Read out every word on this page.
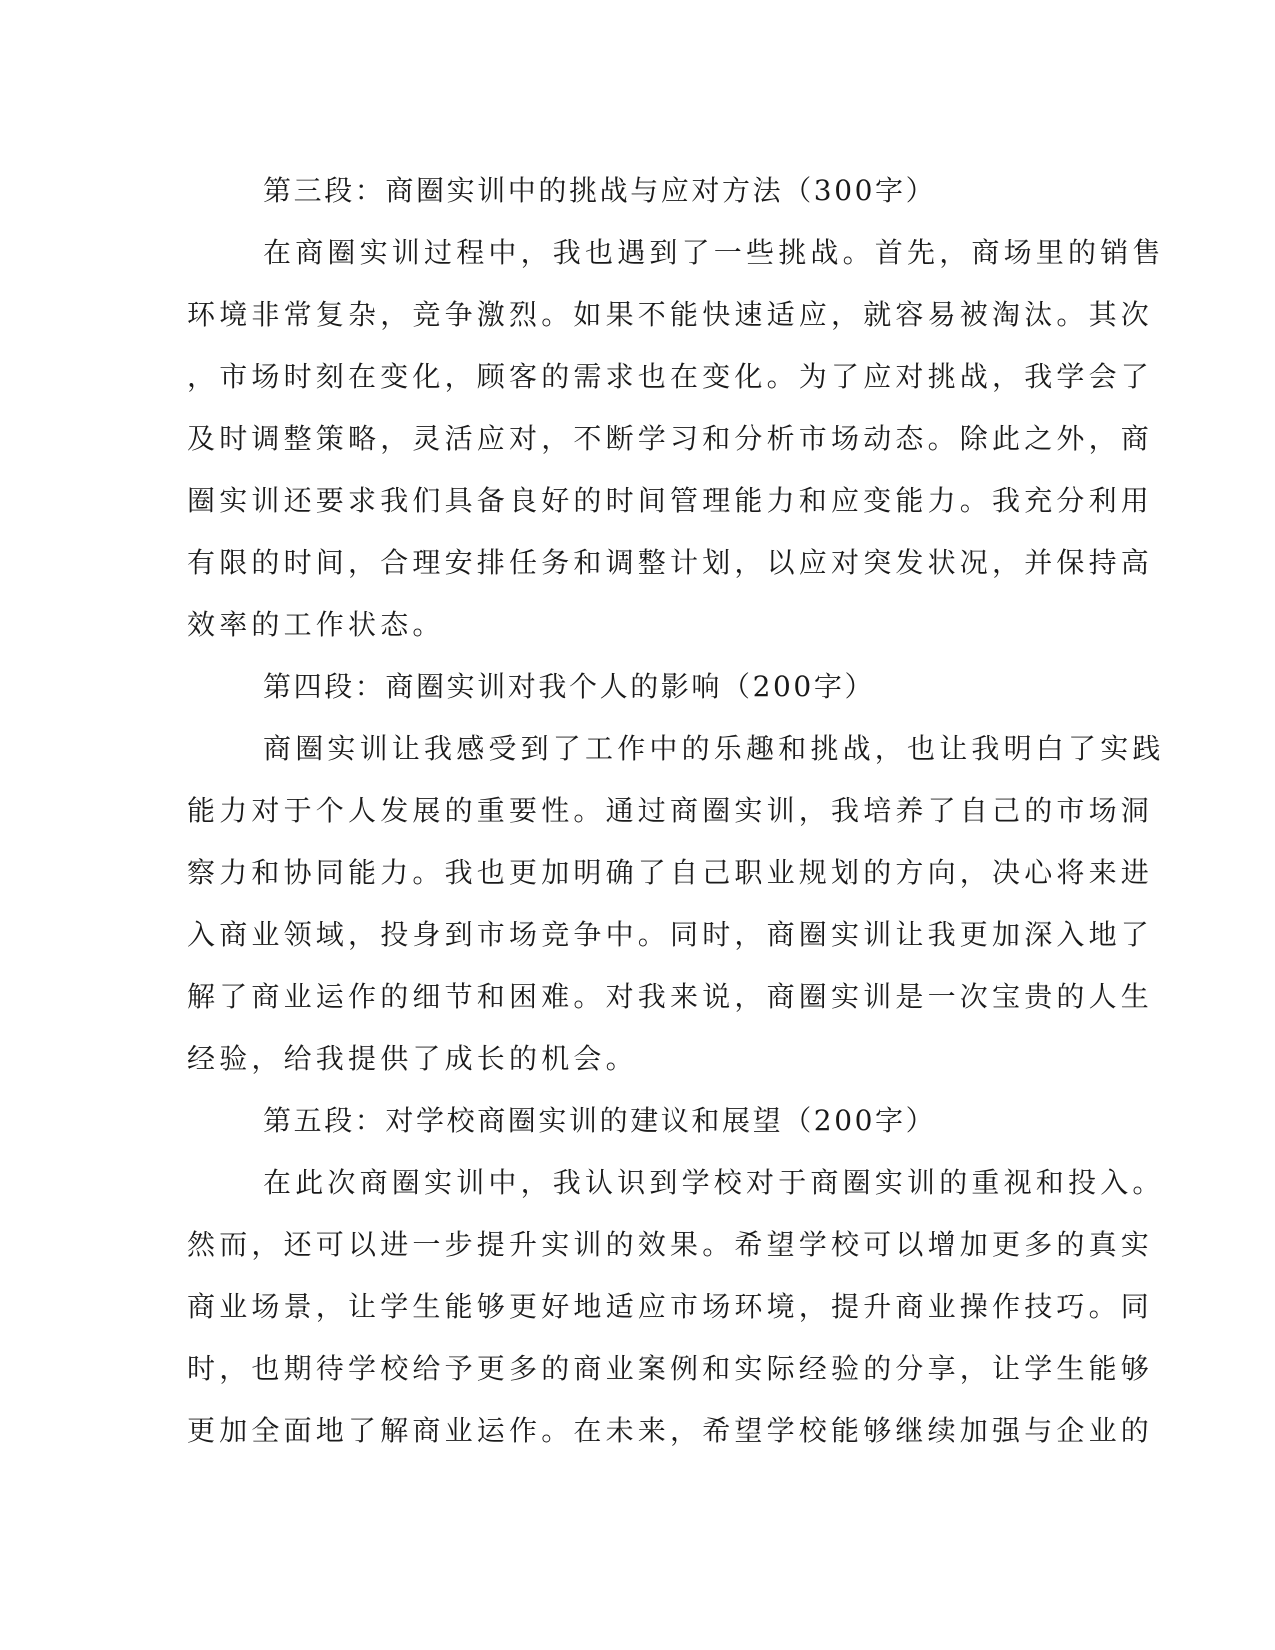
第三段：商圈实训中的挑战与应对方法（300字）
在商圈实训过程中，我也遇到了一些挑战。首先，商场里的销售
环境非常复杂，竞争激烈。如果不能快速适应，就容易被淘汰。其次
，市场时刻在变化，顾客的需求也在变化。为了应对挑战，我学会了
及时调整策略，灵活应对，不断学习和分析市场动态。除此之外，商
圈实训还要求我们具备良好的时间管理能力和应变能力。我充分利用
有限的时间，合理安排任务和调整计划，以应对突发状况，并保持高
效率的工作状态。
第四段：商圈实训对我个人的影响（200字）
商圈实训让我感受到了工作中的乐趣和挑战，也让我明白了实践
能力对于个人发展的重要性。通过商圈实训，我培养了自己的市场洞
察力和协同能力。我也更加明确了自己职业规划的方向，决心将来进
入商业领域，投身到市场竞争中。同时，商圈实训让我更加深入地了
解了商业运作的细节和困难。对我来说，商圈实训是一次宝贵的人生
经验，给我提供了成长的机会。
第五段：对学校商圈实训的建议和展望（200字）
在此次商圈实训中，我认识到学校对于商圈实训的重视和投入。
然而，还可以进一步提升实训的效果。希望学校可以增加更多的真实
商业场景，让学生能够更好地适应市场环境，提升商业操作技巧。同
时，也期待学校给予更多的商业案例和实际经验的分享，让学生能够
更加全面地了解商业运作。在未来，希望学校能够继续加强与企业的
